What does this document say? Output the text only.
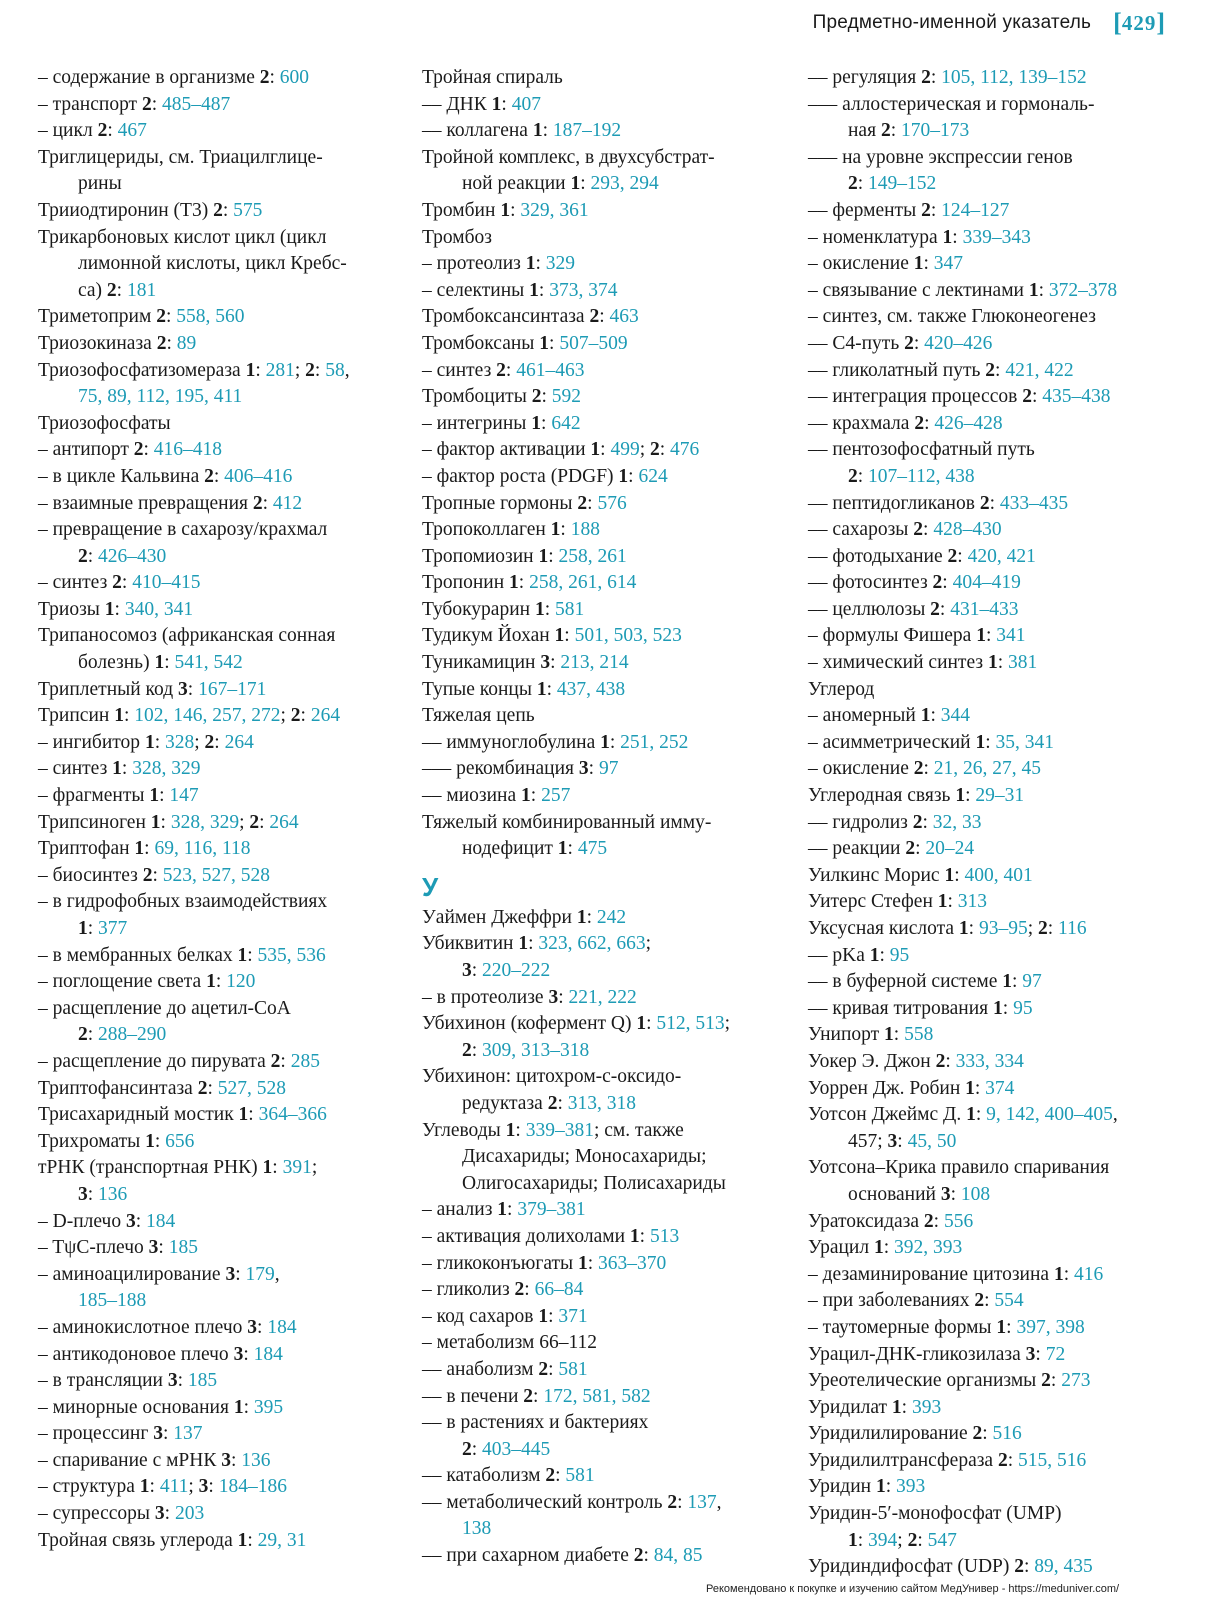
Предметно-именной указатель [ 429 ]
– содержание в организме 2: 600
– транспорт 2: 485–487
– цикл 2: 467
Триглицериды, см. Триацилглице-
рины
Трииодтиронин (Т3) 2: 575
Трикарбоновых кислот цикл (цикл
лимонной кислоты, цикл Кребс-
са) 2: 181
Триметоприм 2: 558, 560
Триозокиназа 2: 89
Триозофосфатизомераза 1: 281; 2: 58,
75, 89, 112, 195, 411
Триозофосфаты
– антипорт 2: 416–418
– в цикле Кальвина 2: 406–416
– взаимные превращения 2: 412
– превращение в сахарозу/крахмал
2: 426–430
– синтез 2: 410–415
Триозы 1: 340, 341
Трипаносомоз (африканская сонная
болезнь) 1: 541, 542
Триплетный код 3: 167–171
Трипсин 1: 102, 146, 257, 272; 2: 264
– ингибитор 1: 328; 2: 264
– синтез 1: 328, 329
– фрагменты 1: 147
Трипсиноген 1: 328, 329; 2: 264
Триптофан 1: 69, 116, 118
– биосинтез 2: 523, 527, 528
– в гидрофобных взаимодействиях
1: 377
– в мембранных белках 1: 535, 536
– поглощение света 1: 120
– расщепление до ацетил-СоА
2: 288–290
– расщепление до пирувата 2: 285
Триптофансинтаза 2: 527, 528
Трисахаридный мостик 1: 364–366
Трихроматы 1: 656
тРНК (транспортная РНК) 1: 391;
3: 136
– D-плечо 3: 184
– TψC-плечо 3: 185
– аминоацилирование 3: 179,
185–188
– аминокислотное плечо 3: 184
– антикодоновое плечо 3: 184
– в трансляции 3: 185
– минорные основания 1: 395
– процессинг 3: 137
– спаривание с мРНК 3: 136
– структура 1: 411; 3: 184–186
– супрессоры 3: 203
Тройная связь углерода 1: 29, 31
Тройная спираль
–– ДНК 1: 407
–– коллагена 1: 187–192
Тройной комплекс, в двухсубстрат-
ной реакции 1: 293, 294
Тромбин 1: 329, 361
Тромбоз
– протеолиз 1: 329
– селектины 1: 373, 374
Тромбоксансинтаза 2: 463
Тромбоксаны 1: 507–509
– синтез 2: 461–463
Тромбоциты 2: 592
– интегрины 1: 642
– фактор активации 1: 499; 2: 476
– фактор роста (PDGF) 1: 624
Тропные гормоны 2: 576
Тропоколлаген 1: 188
Тропомиозин 1: 258, 261
Тропонин 1: 258, 261, 614
Тубокурарин 1: 581
Тудикум Йохан 1: 501, 503, 523
Туникамицин 3: 213, 214
Тупые концы 1: 437, 438
Тяжелая цепь
–– иммуноглобулина 1: 251, 252
––– рекомбинация 3: 97
–– миозина 1: 257
Тяжелый комбинированный имму-
нодефицит 1: 475
У
Уаймен Джеффри 1: 242
Убиквитин 1: 323, 662, 663;
3: 220–222
– в протеолизе 3: 221, 222
Убихинон (кофермент Q) 1: 512, 513;
2: 309, 313–318
Убихинон: цитохром-с-оксидо-
редуктаза 2: 313, 318
Углеводы 1: 339–381; см. также
Дисахариды; Моносахариды;
Олигосахариды; Полисахариды
– анализ 1: 379–381
– активация долихолами 1: 513
– гликоконъюгаты 1: 363–370
– гликолиз 2: 66–84
– код сахаров 1: 371
– метаболизм 66–112
–– анаболизм 2: 581
–– в печени 2: 172, 581, 582
–– в растениях и бактериях
2: 403–445
–– катаболизм 2: 581
–– метаболический контроль 2: 137,
138
–– при сахарном диабете 2: 84, 85
–– регуляция 2: 105, 112, 139–152
––– аллостерическая и гормональ-
ная 2: 170–173
––– на уровне экспрессии генов
2: 149–152
–– ферменты 2: 124–127
– номенклатура 1: 339–343
– окисление 1: 347
– связывание с лектинами 1: 372–378
– синтез, см. также Глюконеогенез
–– C4-путь 2: 420–426
–– гликолатный путь 2: 421, 422
–– интеграция процессов 2: 435–438
–– крахмала 2: 426–428
–– пентозофосфатный путь
2: 107–112, 438
–– пептидогликанов 2: 433–435
–– сахарозы 2: 428–430
–– фотодыхание 2: 420, 421
–– фотосинтез 2: 404–419
–– целлюлозы 2: 431–433
– формулы Фишера 1: 341
– химический синтез 1: 381
Углерод
– аномерный 1: 344
– асимметрический 1: 35, 341
– окисление 2: 21, 26, 27, 45
Углеродная связь 1: 29–31
–– гидролиз 2: 32, 33
–– реакции 2: 20–24
Уилкинс Морис 1: 400, 401
Уитерс Стефен 1: 313
Уксусная кислота 1: 93–95; 2: 116
–– pKa 1: 95
–– в буферной системе 1: 97
–– кривая титрования 1: 95
Унипорт 1: 558
Уокер Э. Джон 2: 333, 334
Уоррен Дж. Робин 1: 374
Уотсон Джеймс Д. 1: 9, 142, 400–405,
457; 3: 45, 50
Уотсона–Крика правило спаривания
оснований 3: 108
Уратоксидаза 2: 556
Урацил 1: 392, 393
– дезаминирование цитозина 1: 416
– при заболеваниях 2: 554
– таутомерные формы 1: 397, 398
Урацил-ДНК-гликозилаза 3: 72
Уреотелические организмы 2: 273
Уридилат 1: 393
Уридилилирование 2: 516
Уридилилтрансфераза 2: 515, 516
Уридин 1: 393
Уридин-5′-монофосфат (UMP)
1: 394; 2: 547
Уридиндифосфат (UDP) 2: 89, 435
Рекомендовано к покупке и изучению сайтом МедУнивер - https://meduniver.com/
